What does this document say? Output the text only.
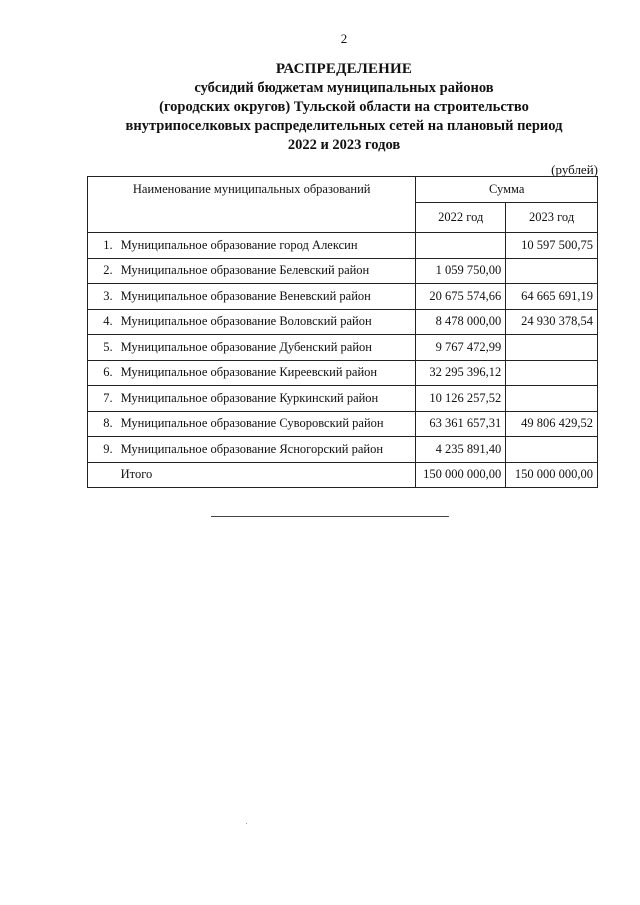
2
РАСПРЕДЕЛЕНИЕ
субсидий бюджетам муниципальных районов
(городских округов) Тульской области на строительство
внутрипоселковых распределительных сетей на плановый период
2022 и 2023 годов
(рублей)
Наименование муниципальных образований		Сумма	
		2022 год	2023 год
1.	Муниципальное образование город Алексин		10 597 500,75
2.	Муниципальное образование Белевский район	1 059 750,00	
3.	Муниципальное образование Веневский район	20 675 574,66	64 665 691,19
4.	Муниципальное образование Воловский район	8 478 000,00	24 930 378,54
5.	Муниципальное образование Дубенский район	9 767 472,99	
6.	Муниципальное образование Киреевский район	32 295 396,12	
7.	Муниципальное образование Куркинский район	10 126 257,52	
8.	Муниципальное образование Суворовский район	63 361 657,31	49 806 429,52
9.	Муниципальное образование Ясногорский район	4 235 891,40	
	Итого	150 000 000,00	150 000 000,00
